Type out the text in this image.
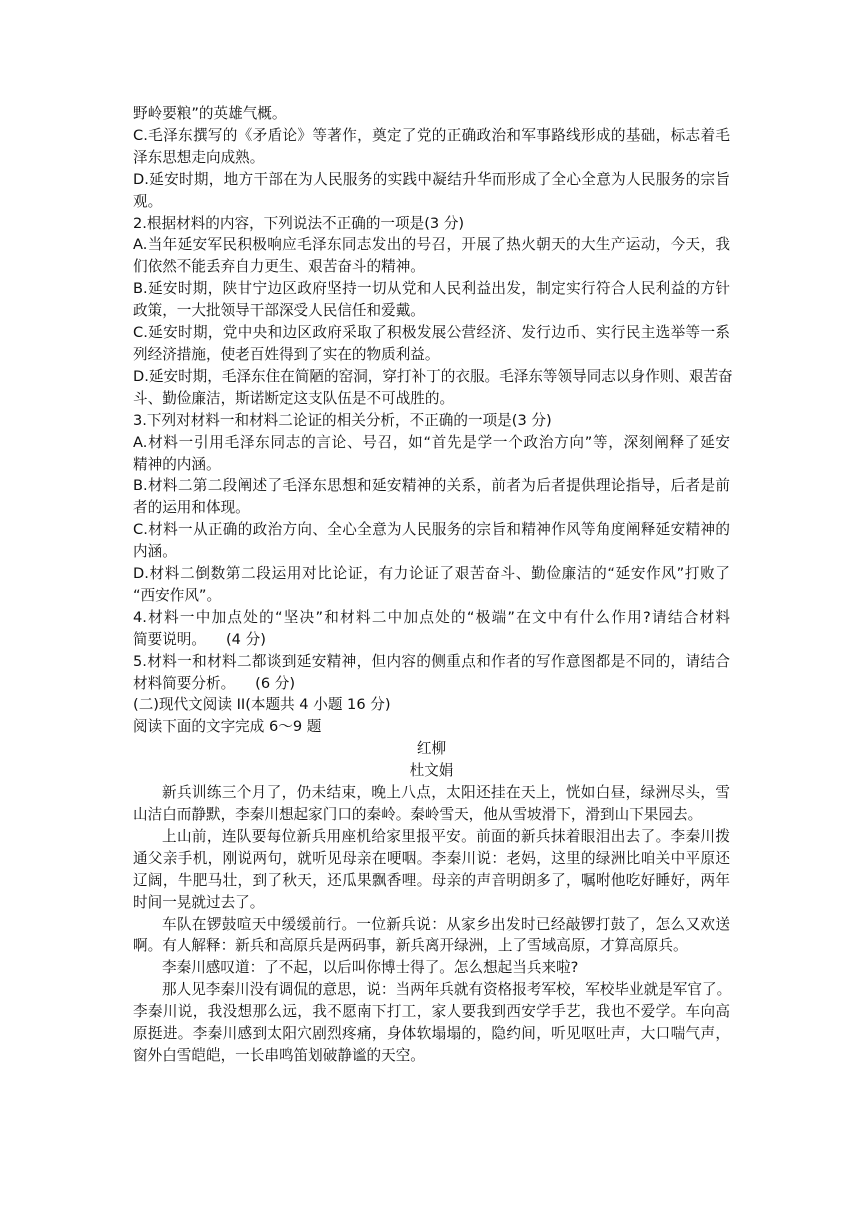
野岭要粮”的英雄气概。
C.毛泽东撰写的《矛盾论》等著作，奠定了党的正确政治和军事路线形成的基础，标志着毛
泽东思想走向成熟。
D.延安时期，地方干部在为人民服务的实践中凝结升华而形成了全心全意为人民服务的宗旨
观。
2.根据材料的内容，下列说法不正确的一项是(3 分)
A.当年延安军民积极响应毛泽东同志发出的号召，开展了热火朝天的大生产运动，今天，我
们依然不能丢弃自力更生、艰苦奋斗的精神。
B.延安时期，陕甘宁边区政府坚持一切从党和人民利益出发，制定实行符合人民利益的方针
政策，一大批领导干部深受人民信任和爱戴。
C.延安时期，党中央和边区政府采取了积极发展公营经济、发行边币、实行民主选举等一系
列经济措施，使老百姓得到了实在的物质利益。
D.延安时期，毛泽东住在简陋的窑洞，穿打补丁的衣服。毛泽东等领导同志以身作则、艰苦奋
斗、勤俭廉洁，斯诺断定这支队伍是不可战胜的。
3.下列对材料一和材料二论证的相关分析，不正确的一项是(3 分)
A.材料一引用毛泽东同志的言论、号召，如“首先是学一个政治方向”等，深刻阐释了延安
精神的内涵。
B.材料二第二段阐述了毛泽东思想和延安精神的关系，前者为后者提供理论指导，后者是前
者的运用和体现。
C.材料一从正确的政治方向、全心全意为人民服务的宗旨和精神作风等角度阐释延安精神的
内涵。
D.材料二倒数第二段运用对比论证，有力论证了艰苦奋斗、勤俭廉洁的“延安作风”打败了
“西安作风”。
4.材料一中加点处的“坚决”和材料二中加点处的“极端”在文中有什么作用?请结合材料
简要说明。 (4 分)
5.材料一和材料二都谈到延安精神，但内容的侧重点和作者的写作意图都是不同的，请结合
材料简要分析。 (6 分)
(二)现代文阅读 II(本题共 4 小题 16 分)
阅读下面的文字完成 6～9 题
红柳
杜文娟
新兵训练三个月了，仍未结束，晚上八点，太阳还挂在天上，恍如白昼，绿洲尽头，雪
山洁白而静默，李秦川想起家门口的秦岭。秦岭雪天，他从雪坡滑下，滑到山下果园去。
上山前，连队要每位新兵用座机给家里报平安。前面的新兵抹着眼泪出去了。李秦川拨
通父亲手机，刚说两句，就听见母亲在哽咽。李秦川说：老妈，这里的绿洲比咱关中平原还
辽阔，牛肥马壮，到了秋天，还瓜果飘香哩。母亲的声音明朗多了，嘱咐他吃好睡好，两年
时间一晃就过去了。
车队在锣鼓喧天中缓缓前行。一位新兵说：从家乡出发时已经敲锣打鼓了，怎么又欢送
啊。有人解释：新兵和高原兵是两码事，新兵离开绿洲，上了雪域高原，才算高原兵。
李秦川感叹道：了不起，以后叫你博士得了。怎么想起当兵来啦?
那人见李秦川没有调侃的意思，说：当两年兵就有资格报考军校，军校毕业就是军官了。
李秦川说，我没想那么远，我不愿南下打工，家人要我到西安学手艺，我也不爱学。车向高
原挺进。李秦川感到太阳穴剧烈疼痛，身体软塌塌的，隐约间，听见呕吐声，大口喘气声，
窗外白雪皑皑，一长串鸣笛划破静谧的天空。
